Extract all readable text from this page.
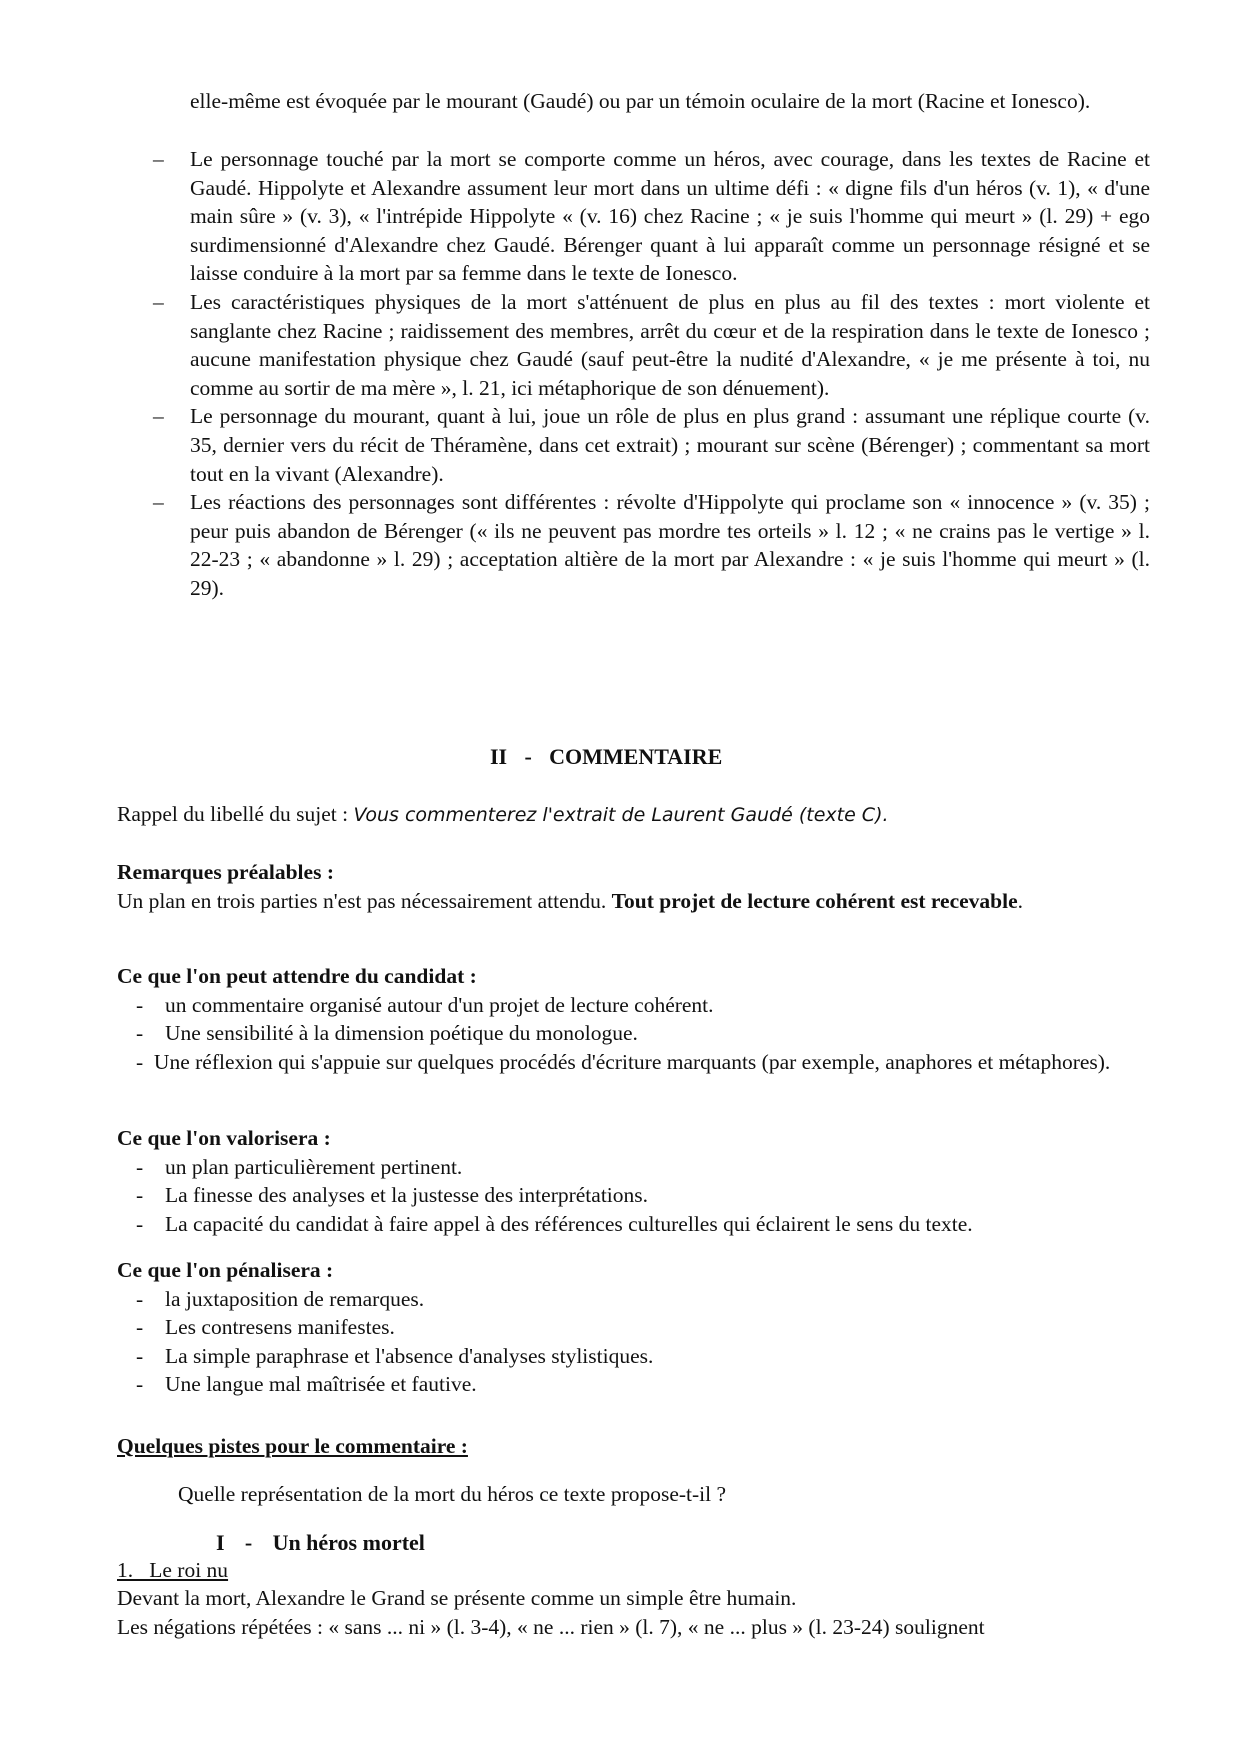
elle-même est évoquée par le mourant (Gaudé) ou par un témoin oculaire de la mort (Racine et Ionesco).

– Le personnage touché par la mort se comporte comme un héros, avec courage, dans les textes de Racine et Gaudé. Hippolyte et Alexandre assument leur mort dans un ultime défi : « digne fils d'un héros (v. 1), « d'une main sûre » (v. 3), « l'intrépide Hippolyte « (v. 16) chez Racine ; « je suis l'homme qui meurt » (l. 29) + ego surdimensionné d'Alexandre chez Gaudé. Bérenger quant à lui apparaît comme un personnage résigné et se laisse conduire à la mort par sa femme dans le texte de Ionesco.
– Les caractéristiques physiques de la mort s'atténuent de plus en plus au fil des textes : mort violente et sanglante chez Racine ; raidissement des membres, arrêt du cœur et de la respiration dans le texte de Ionesco ; aucune manifestation physique chez Gaudé (sauf peut-être la nudité d'Alexandre, « je me présente à toi, nu comme au sortir de ma mère », l. 21, ici métaphorique de son dénuement).
– Le personnage du mourant, quant à lui, joue un rôle de plus en plus grand : assumant une réplique courte (v. 35, dernier vers du récit de Théramène, dans cet extrait) ; mourant sur scène (Bérenger) ; commentant sa mort tout en la vivant (Alexandre).
– Les réactions des personnages sont différentes : révolte d'Hippolyte qui proclame son « innocence » (v. 35) ; peur puis abandon de Bérenger (« ils ne peuvent pas mordre tes orteils » l. 12 ; « ne crains pas le vertige » l. 22-23 ; « abandonne » l. 29) ; acceptation altière de la mort par Alexandre : « je suis l'homme qui meurt » (l. 29).
II - COMMENTAIRE
Rappel du libellé du sujet : Vous commenterez l'extrait de Laurent Gaudé (texte C).
Remarques préalables :
Un plan en trois parties n'est pas nécessairement attendu. Tout projet de lecture cohérent est recevable.
Ce que l'on peut attendre du candidat :
- un commentaire organisé autour d'un projet de lecture cohérent.
- Une sensibilité à la dimension poétique du monologue.
- Une réflexion qui s'appuie sur quelques procédés d'écriture marquants (par exemple, anaphores et métaphores).
Ce que l'on valorisera :
- un plan particulièrement pertinent.
- La finesse des analyses et la justesse des interprétations.
- La capacité du candidat à faire appel à des références culturelles qui éclairent le sens du texte.
Ce que l'on pénalisera :
- la juxtaposition de remarques.
- Les contresens manifestes.
- La simple paraphrase et l'absence d'analyses stylistiques.
- Une langue mal maîtrisée et fautive.
Quelques pistes pour le commentaire :
Quelle représentation de la mort du héros ce texte propose-t-il ?
I - Un héros mortel
1.   Le roi nu
Devant la mort, Alexandre le Grand se présente comme un simple être humain.
Les négations répétées : « sans ... ni » (l. 3-4), « ne ... rien » (l. 7), « ne ... plus » (l. 23-24) soulignent
